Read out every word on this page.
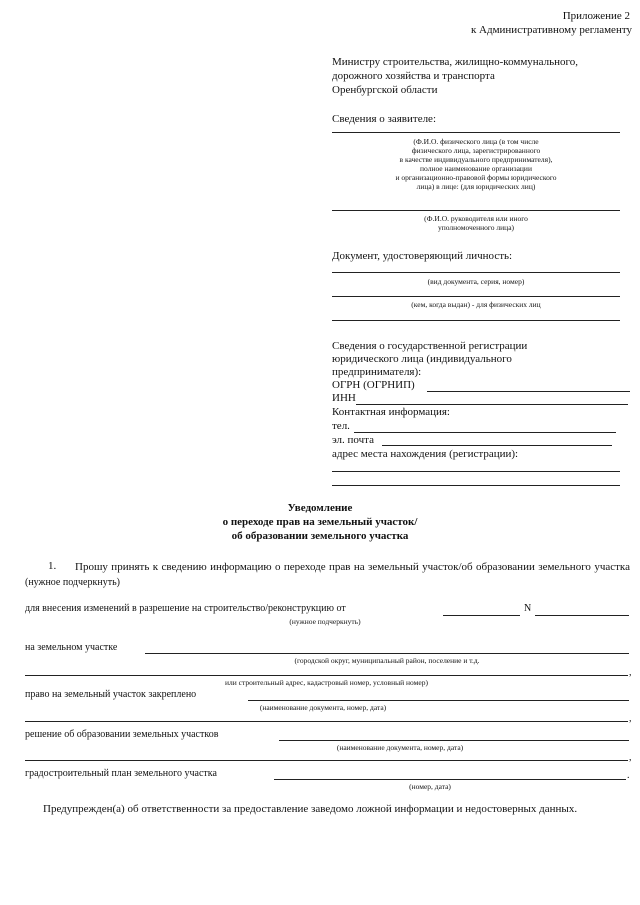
Приложение 2
к Административному регламенту
Министру строительства, жилищно-коммунального,
дорожного хозяйства и транспорта
Оренбургской области
Сведения о заявителе:
(Ф.И.О. физического лица (в том числе
физического лица, зарегистрированного
в качестве индивидуального предпринимателя),
полное наименование организации
и организационно-правовой формы юридического
лица) в лице: (для юридических лиц)
(Ф.И.О. руководителя или иного
уполномоченного лица)
Документ, удостоверяющий личность:
(вид документа, серия, номер)
(кем, когда выдан) - для физических лиц
Сведения о государственной регистрации
юридического лица (индивидуального
предпринимателя):
ОГРН (ОГРНИП)
ИНН
Контактная информация:
тел.
эл. почта
адрес места нахождения (регистрации):
Уведомление
о переходе прав на земельный участок/
об образовании земельного участка
1.	Прошу принять к сведению информацию о переходе прав на земельный участок/об образовании земельного участка (нужное подчеркнуть)
для внесения изменений в разрешение на строительство/реконструкцию от	N
(нужное подчеркнуть)
на земельном участке
(городской округ, муниципальный район, поселение и т.д.
,
или строительный адрес, кадастровый номер, условный номер)
право на земельный участок закреплено
(наименование документа, номер, дата)
,
решение об образовании земельных участков
(наименование документа, номер, дата)
,
градостроительный план земельного участка	.
(номер, дата)
Предупрежден(а) об ответственности за предоставление заведомо ложной информации и недостоверных данных.
